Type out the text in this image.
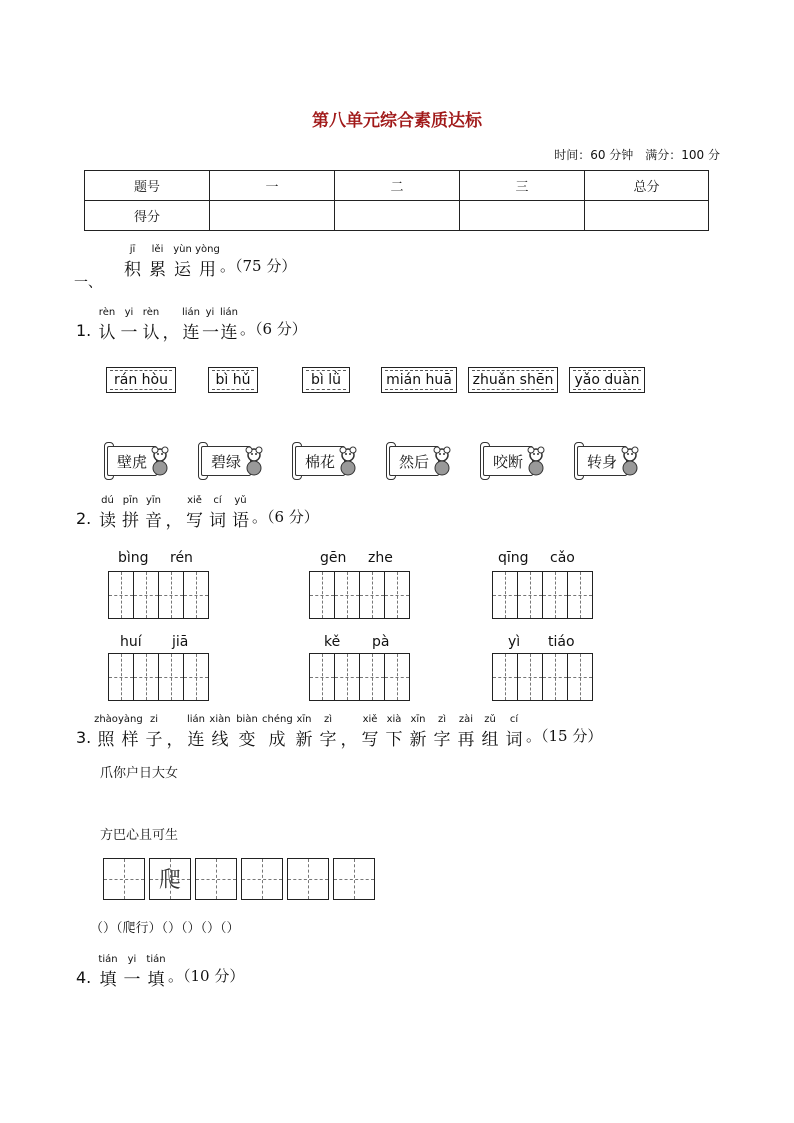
第八单元综合素质达标
时间：60 分钟　满分：100 分
题号	一	二	三	总分
得分				
一、
jī	lěi yùn yòng
积 累 运 用 。（75 分）
1.
rèn yi rèn lián yi lián
认 一 认 ， 连 一 连 。（6 分）
rán hòu	bì hǔ	bì lǜ	mián huā	zhuǎn shēn	yǎo duàn
壁虎	碧绿	棉花	然后	咬断	转身
2.
dú pīn yīn	xiě	cí	yǔ
读 拼 音 ， 写 词 语 。（6 分）
bìng rén	gēn zhe	qīng cǎo
huí jiā	kě pà	yì tiáo
3.
zhào yàng zi	lián xiàn biàn chéng xīn	zì	xiě xià xīn	zì	zài	zǔ	cí
照 样 子 ， 连 线 变 成 新 字 ， 写 下 新 字 再 组 词 。（15 分）
爪你户日大女
方巴心且可生
爬
（）（爬行）（）（）（）（）
4.
tián	yi	tián
填 一 填 。（10 分）
